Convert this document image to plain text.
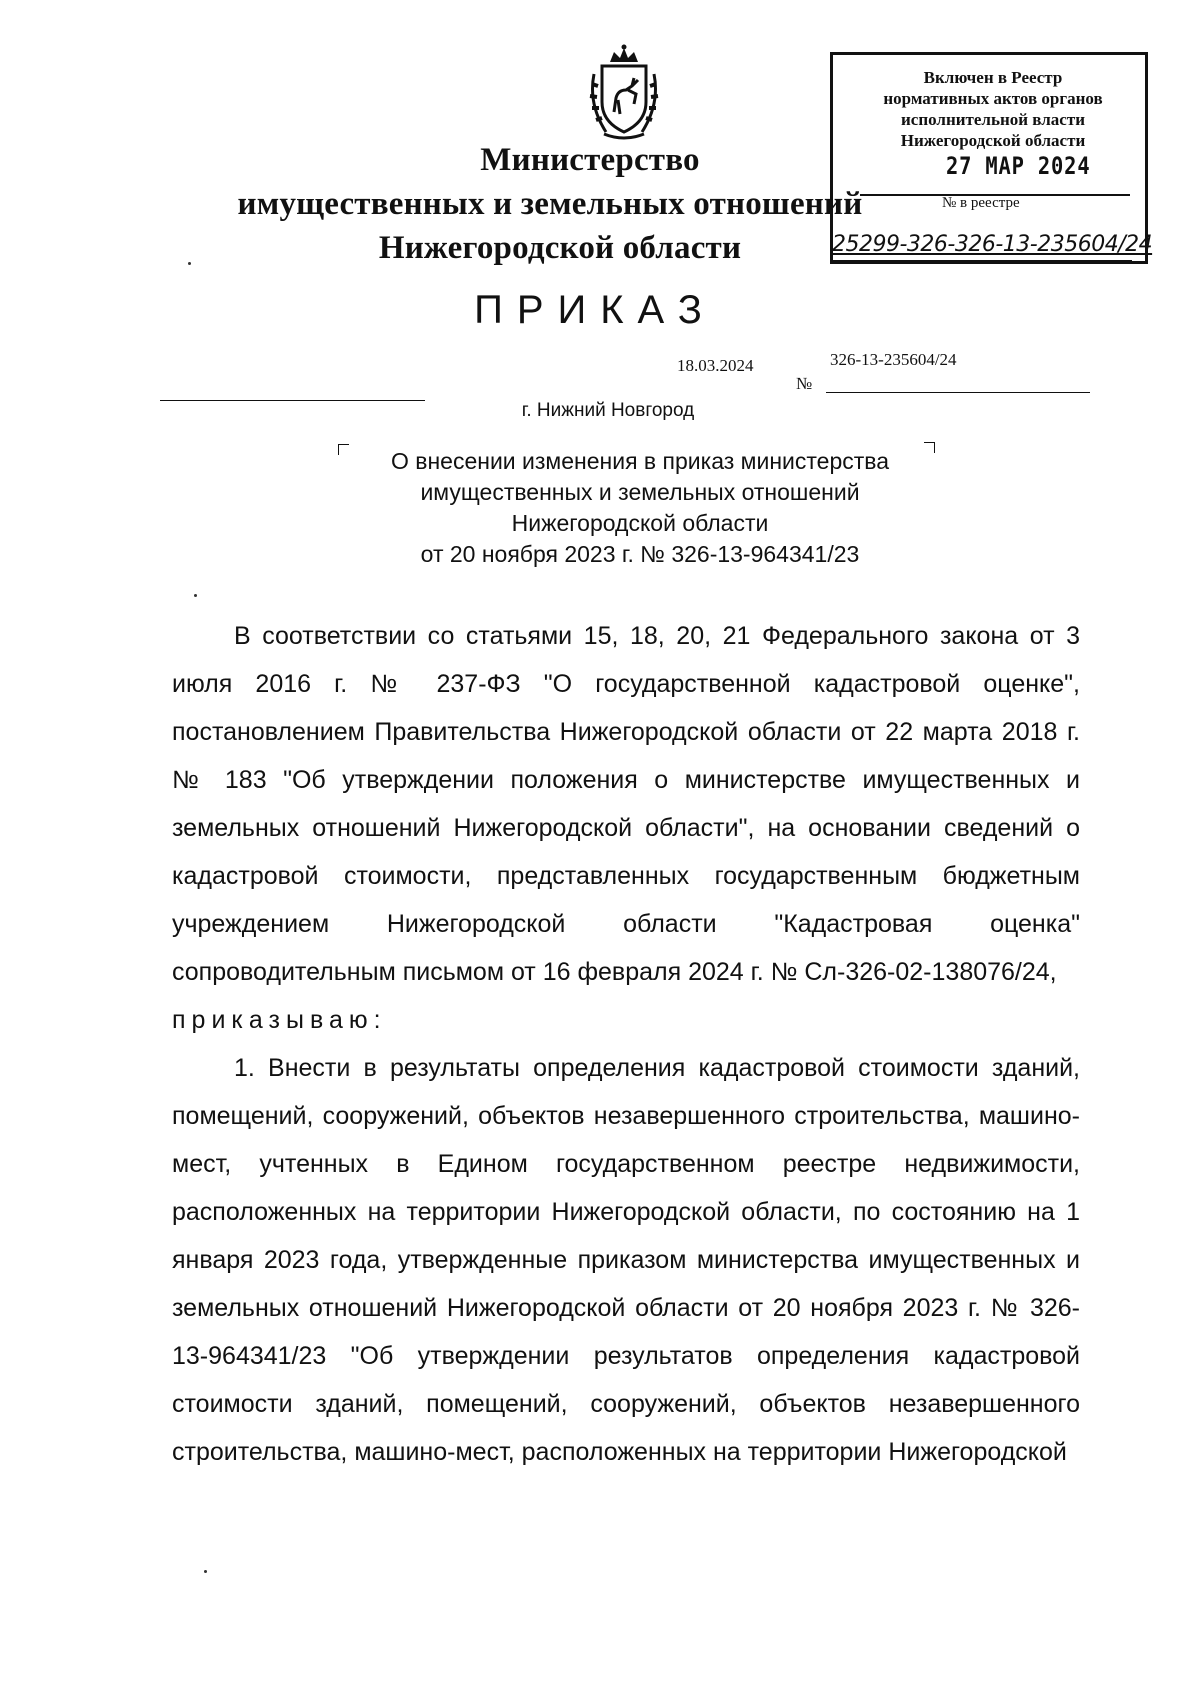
Министерство
имущественных и земельных отношений
Нижегородской области
Включен в Реестр
нормативных актов органов
исполнительной власти
Нижегородской области
27 МАР 2024
№ в реестре
25299-326-326-13-235604/24
ПРИКАЗ
18.03.2024	326-13-235604/24
№
г. Нижний Новгород
О внесении изменения в приказ министерства
имущественных и земельных отношений
Нижегородской области
от 20 ноября 2023 г. № 326-13-964341/23

В соответствии со статьями 15, 18, 20, 21 Федерального закона от 3 июля 2016 г. № 237-ФЗ "О государственной кадастровой оценке", постановлением Правительства Нижегородской области от 22 марта 2018 г. № 183 "Об утверждении положения о министерстве имущественных и земельных отношений Нижегородской области", на основании сведений о кадастровой стоимости, представленных государственным бюджетным учреждением Нижегородской области "Кадастровая оценка" сопроводительным письмом от 16 февраля 2024 г. № Сл-326-02-138076/24,

приказываю:

1. Внести в результаты определения кадастровой стоимости зданий, помещений, сооружений, объектов незавершенного строительства, машино-мест, учтенных в Едином государственном реестре недвижимости, расположенных на территории Нижегородской области, по состоянию на 1 января 2023 года, утвержденные приказом министерства имущественных и земельных отношений Нижегородской области от 20 ноября 2023 г. № 326-13-964341/23 "Об утверждении результатов определения кадастровой стоимости зданий, помещений, сооружений, объектов незавершенного строительства, машино-мест, расположенных на территории Нижегородской
